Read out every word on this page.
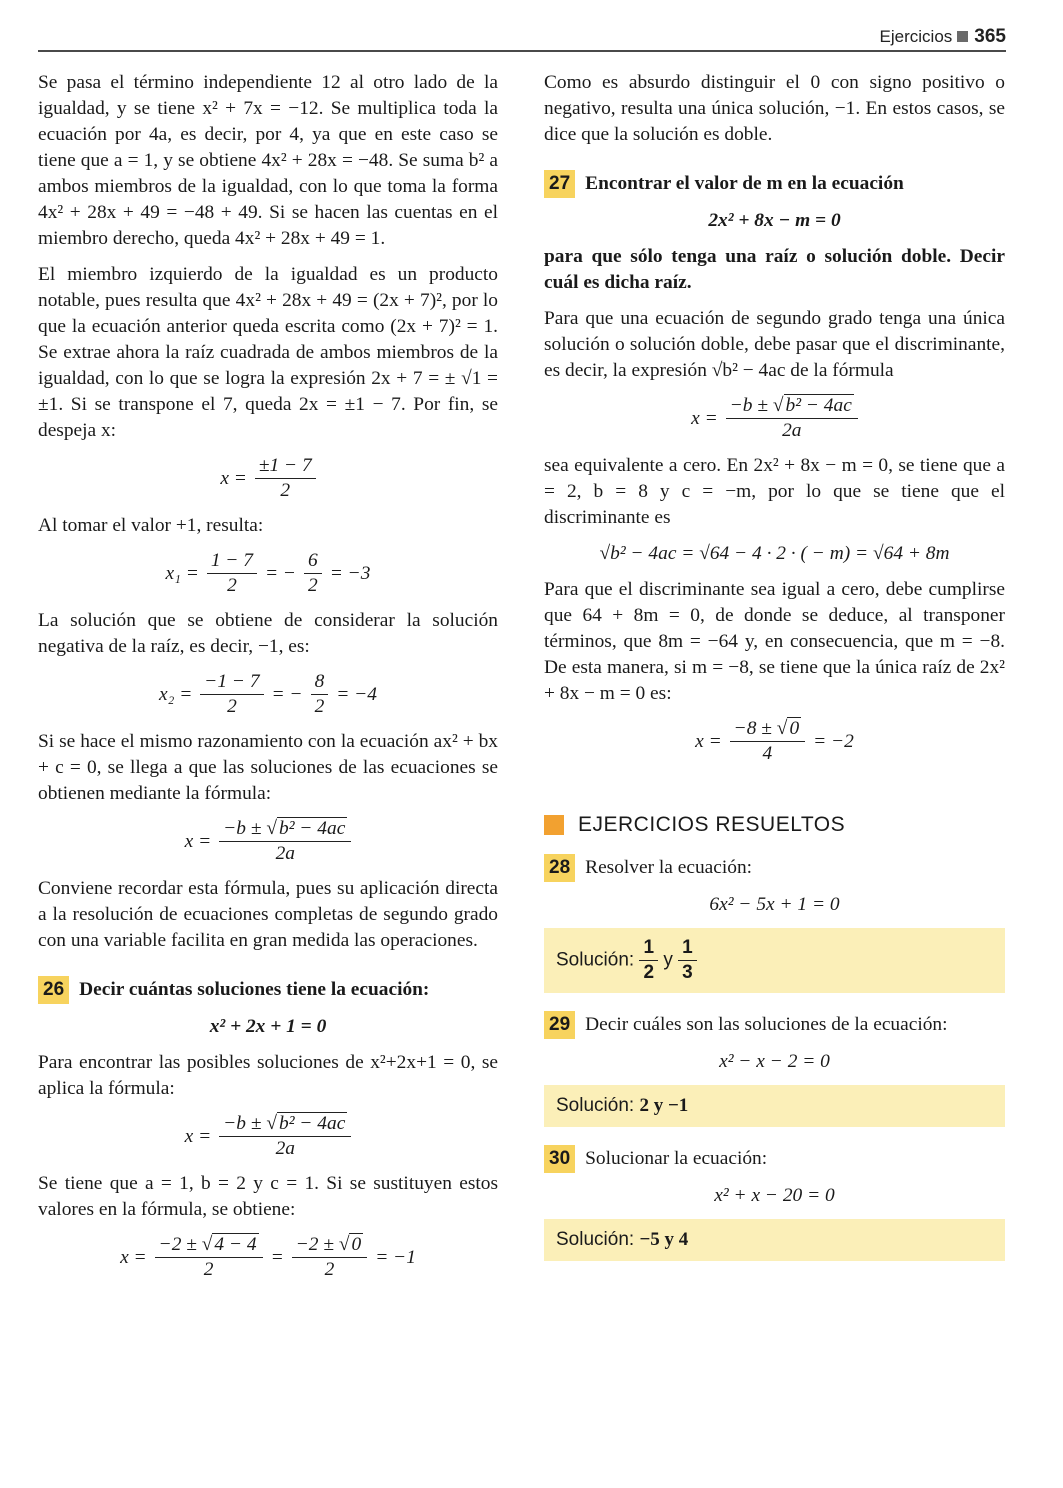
Ejercicios 365

Se pasa el término independiente 12 al otro lado de la igualdad, y se tiene x² + 7x = −12. Se multiplica toda la ecuación por 4a, es decir, por 4, ya que en este caso se tiene que a = 1, y se obtiene 4x² + 28x = −48. Se suma b² a ambos miembros de la igualdad, con lo que toma la forma 4x² + 28x + 49 = −48 + 49. Si se hacen las cuentas en el miembro derecho, queda 4x² + 28x + 49 = 1.

El miembro izquierdo de la igualdad es un producto notable, pues resulta que 4x² + 28x + 49 = (2x + 7)², por lo que la ecuación anterior queda escrita como (2x + 7)² = 1. Se extrae ahora la raíz cuadrada de ambos miembros de la igualdad, con lo que se logra la expresión 2x + 7 = ± √1 = ±1. Si se transpone el 7, queda 2x = ±1 − 7. Por fin, se despeja x:

$x = \frac{\pm 1 - 7}{2}$

Al tomar el valor +1, resulta:

$x_1 = \frac{1 - 7}{2}$ = − $\frac{6}{2} = -3$

La solución que se obtiene de considerar la solución negativa de la raíz, es decir, −1, es:

$x_2 = \frac{-1 - 7}{2}$ = − $\frac{8}{2} = -4$

Si se hace el mismo razonamiento con la ecuación ax² + bx + c = 0, se llega a que las soluciones de las ecuaciones se obtienen mediante la fórmula:

$x = \frac{\text{−b ± √ b² − 4ac}}{2a}$

Conviene recordar esta fórmula, pues su aplicación directa a la resolución de ecuaciones completas de segundo grado con una variable facilita en gran medida las operaciones.

26 Decir cuántas soluciones tiene la ecuación:
x² + 2x + 1 = 0

Para encontrar las posibles soluciones de x²+2x+1 = 0, se aplica la fórmula:

$x = \frac{\text{−b ± √ b² − 4ac}}{2a}$

Se tiene que a = 1, b = 2 y c = 1. Si se sustituyen estos valores en la fórmula, se obtiene:

$x = \frac{-2 \pm √ 4 - 4}{2} = \frac{-2 \pm √ 0}{2} = -1$

Como es absurdo distinguir el 0 con signo positivo o negativo, resulta una única solución, −1. En estos casos, se dice que la solución es doble.

27 Encontrar el valor de m en la ecuación
2x² + 8x − m = 0

para que sólo tenga una raíz o solución doble. Decir cuál es dicha raíz.

Para que una ecuación de segundo grado tenga una única solución o solución doble, debe pasar que el discriminante, es decir, la expresión √b² − 4ac de la fórmula

$x = \frac{\text{−b ± √ b² − 4ac}}{2a}$

sea equivalente a cero. En 2x² + 8x − m = 0, se tiene que a = 2, b = 8 y c = −m, por lo que se tiene que el discriminante es

√b² − 4ac = √64 − 4 · 2 · ( − m) = √64 + 8m

Para que el discriminante sea igual a cero, debe cumplirse que 64 + 8m = 0, de donde se deduce, al transponer términos, que 8m = −64 y, en consecuencia, que m = −8. De esta manera, si m = −8, se tiene que la única raíz de 2x² + 8x − m = 0 es:

$x = \frac{-8 \pm √ 0}{4} = -2$
EJERCICIOS RESUELTOS
28 Resolver la ecuación:
6x² − 5x + 1 = 0
Solución: $\frac{1}{2}$ y $\frac{1}{3}$
29 Decir cuáles son las soluciones de la ecuación:
x² − x − 2 = 0
Solución: 2 y −1
30 Solucionar la ecuación:
x² + x − 20 = 0
Solución: −5 y 4
